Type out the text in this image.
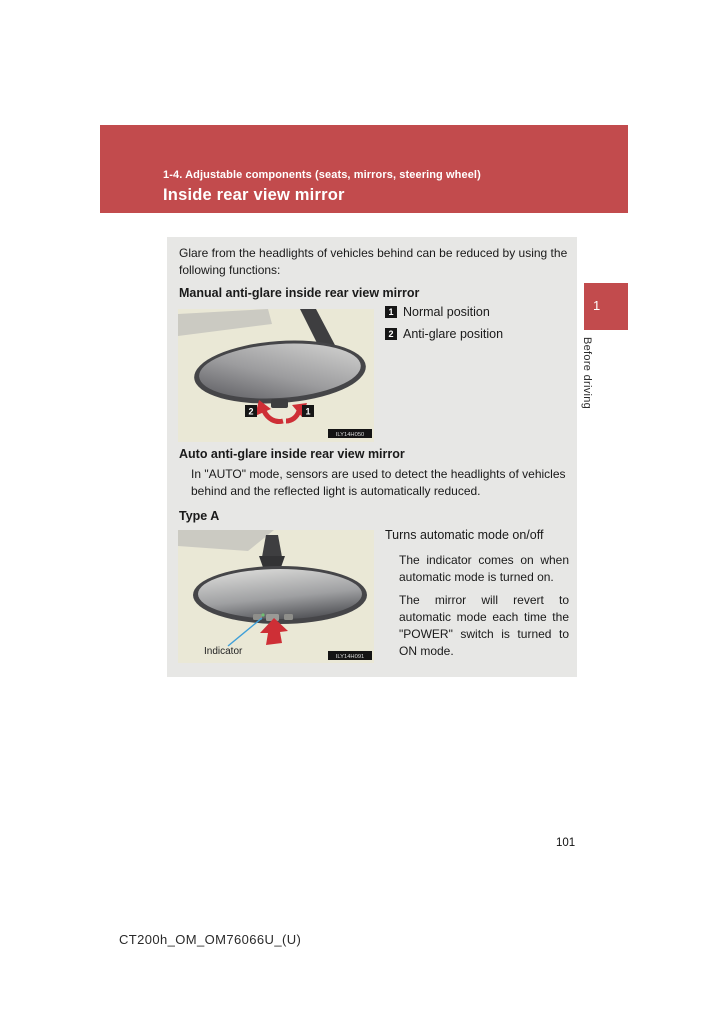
1-4. Adjustable components (seats, mirrors, steering wheel)
Inside rear view mirror
1
Before driving
Glare from the headlights of vehicles behind can be reduced by using the following functions:
Manual anti-glare inside rear view mirror
2	1
ILY14H050
1 Normal position
2 Anti-glare position
Auto anti-glare inside rear view mirror
In "AUTO" mode, sensors are used to detect the headlights of vehicles behind and the reflected light is automatically reduced.
Type A
Indicator	ILY14H091
Turns automatic mode on/off
The indicator comes on when automatic mode is turned on.
The mirror will revert to automatic mode each time the "POWER" switch is turned to ON mode.
101
CT200h_OM_OM76066U_(U)
